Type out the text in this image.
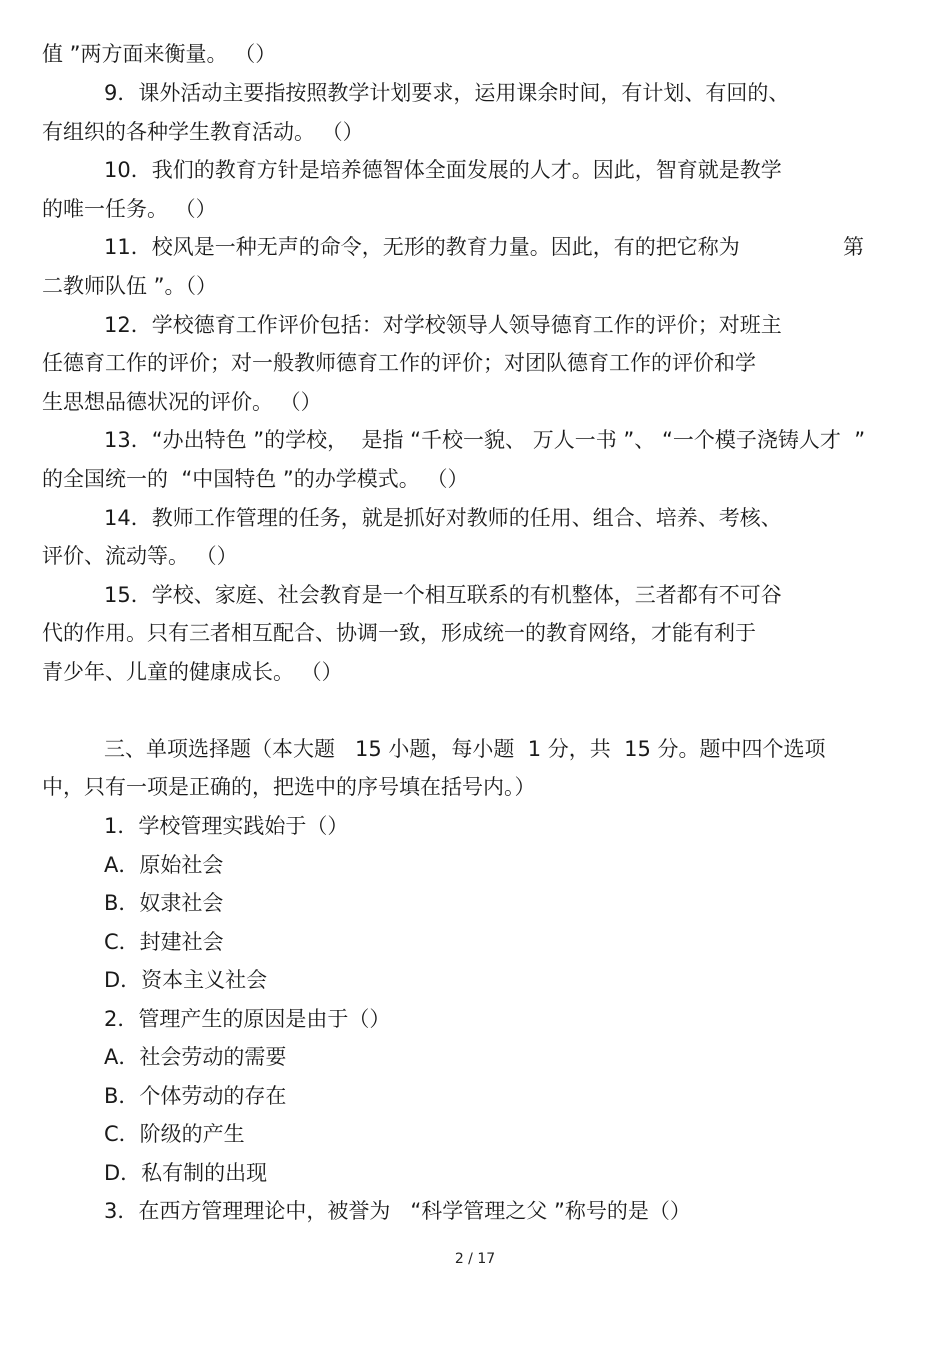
值 ”两方面来衡量。 （）
9．课外活动主要指按照教学计划要求，运用课余时间，有计划、有回的、
有组织的各种学生教育活动。 （）
10．我们的教育方针是培养德智体全面发展的人才。因此，智育就是教学
的唯一任务。 （）
11．校风是一种无声的命令，无形的教育力量。因此，有的把它称为	第
二教师队伍 ”。（）
12．学校德育工作评价包括：对学校领导人领导德育工作的评价；对班主
任德育工作的评价；对一般教师德育工作的评价；对团队德育工作的评价和学
生思想品德状况的评价。 （）
13．“办出特色 ”的学校，  是指 “千校一貌、 万人一书 ”、 “一个模子浇铸人才  ”
的全国统一的  “中国特色 ”的办学模式。 （）
14．教师工作管理的任务，就是抓好对教师的任用、组合、培养、考核、
评价、流动等。 （）
15．学校、家庭、社会教育是一个相互联系的有机整体，三者都有不可谷
代的作用。只有三者相互配合、协调一致，形成统一的教育网络，才能有利于
青少年、儿童的健康成长。 （）
三、单项选择题（本大题   15 小题，每小题  1 分，共  15 分。题中四个选项
中，只有一项是正确的，把选中的序号填在括号内。）
1．学校管理实践始于（）
A．原始社会
B．奴隶社会
C．封建社会
D．资本主义社会
2．管理产生的原因是由于（）
A．社会劳动的需要
B．个体劳动的存在
C．阶级的产生
D．私有制的出现
3．在西方管理理论中，被誉为   “科学管理之父 ”称号的是（）
2 / 17
